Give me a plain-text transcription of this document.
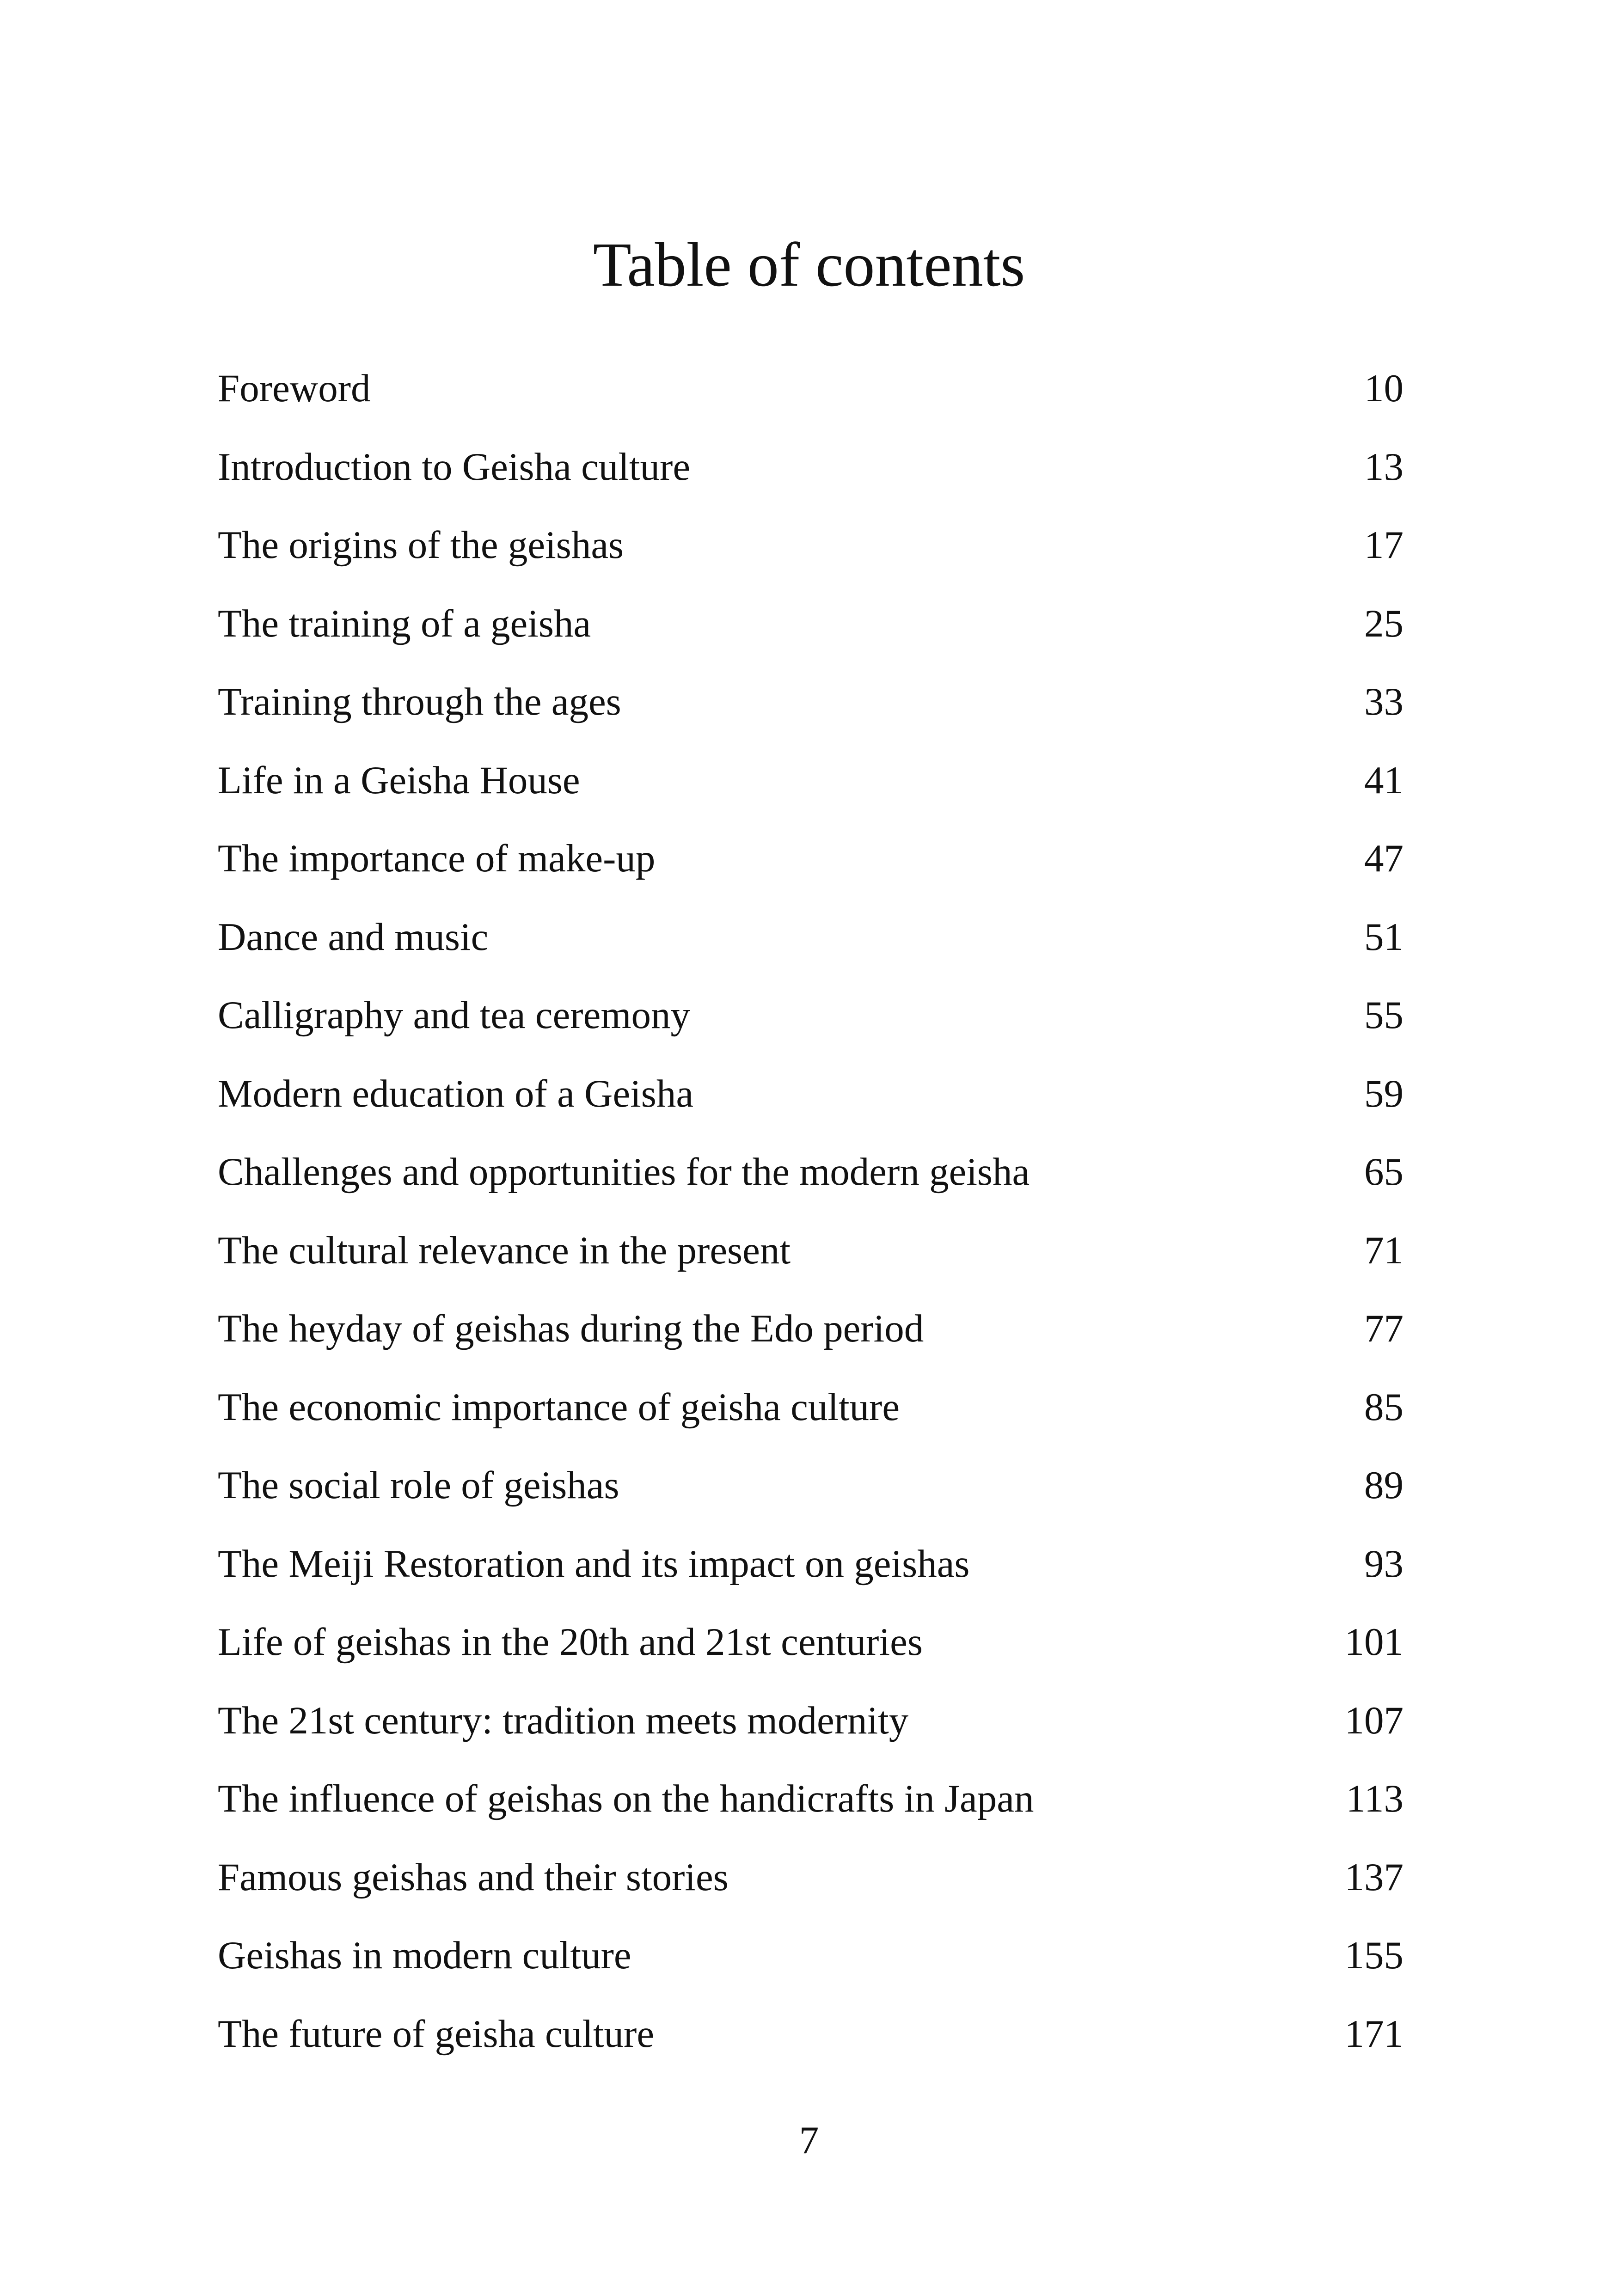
Table of contents
Foreword	10
Introduction to Geisha culture	13
The origins of the geishas	17
The training of a geisha	25
Training through the ages	33
Life in a Geisha House	41
The importance of make-up	47
Dance and music	51
Calligraphy and tea ceremony	55
Modern education of a Geisha	59
Challenges and opportunities for the modern geisha	65
The cultural relevance in the present	71
The heyday of geishas during the Edo period	77
The economic importance of geisha culture	85
The social role of geishas	89
The Meiji Restoration and its impact on geishas	93
Life of geishas in the 20th and 21st centuries	101
The 21st century: tradition meets modernity	107
The influence of geishas on the handicrafts in Japan	113
Famous geishas and their stories	137
Geishas in modern culture	155
The future of geisha culture	171
7
